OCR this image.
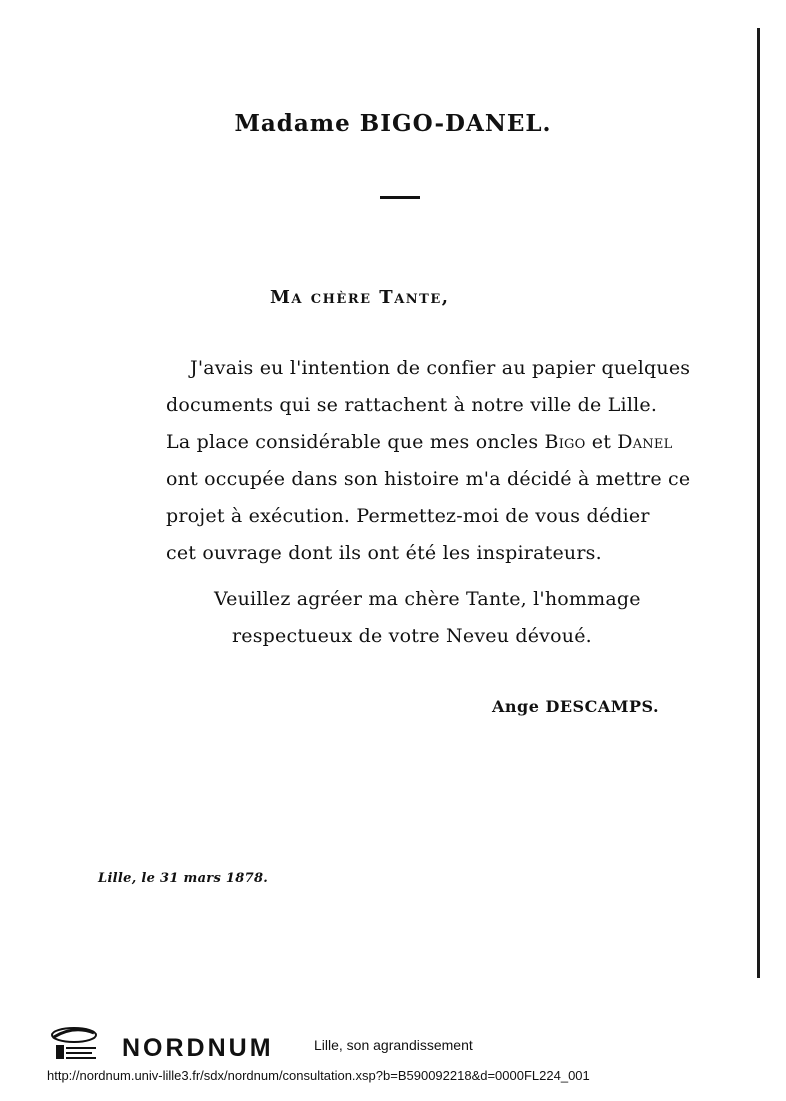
Madame BIGO-DANEL.
Ma chère Tante,
J'avais eu l'intention de confier au papier quelques
documents qui se rattachent à notre ville de Lille.
La place considérable que mes oncles Bigo et Danel
ont occupée dans son histoire m'a décidé à mettre ce
projet à exécution. Permettez-moi de vous dédier
cet ouvrage dont ils ont été les inspirateurs.
Veuillez agréer ma chère Tante, l'hommage
respectueux de votre Neveu dévoué.
Ange DESCAMPS.
Lille, le 31 mars 1878.
NORDNUM	Lille, son agrandissement
http://nordnum.univ-lille3.fr/sdx/nordnum/consultation.xsp?b=B590092218&d=0000FL224_001
